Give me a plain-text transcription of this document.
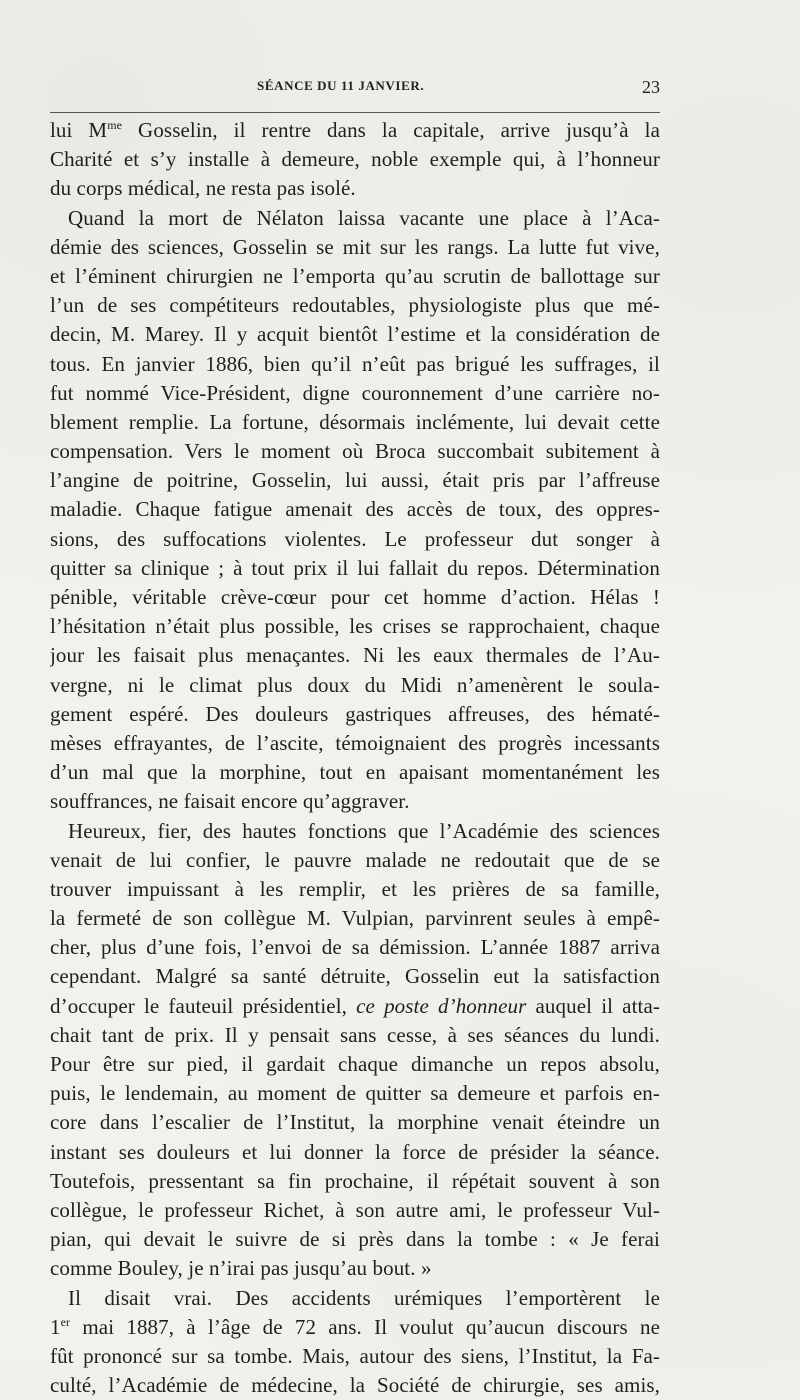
SÉANCE DU 11 JANVIER.	23
lui $M^{me}$ Gosselin, il rentre dans la capitale, arrive jusqu’à la
Charité et s’y installe à demeure, noble exemple qui, à l’honneur
du corps médical, ne resta pas isolé.
Quand la mort de Nélaton laissa vacante une place à l’Aca-
démie des sciences, Gosselin se mit sur les rangs. La lutte fut vive,
et l’éminent chirurgien ne l’emporta qu’au scrutin de ballottage sur
l’un de ses compétiteurs redoutables, physiologiste plus que mé-
decin, M. Marey. Il y acquit bientôt l’estime et la considération de
tous. En janvier 1886, bien qu’il n’eût pas brigué les suffrages, il
fut nommé Vice-Président, digne couronnement d’une carrière no-
blement remplie. La fortune, désormais inclémente, lui devait cette
compensation. Vers le moment où Broca succombait subitement à
l’angine de poitrine, Gosselin, lui aussi, était pris par l’affreuse
maladie. Chaque fatigue amenait des accès de toux, des oppres-
sions, des suffocations violentes. Le professeur dut songer à
quitter sa clinique ; à tout prix il lui fallait du repos. Détermination
pénible, véritable crève-cœur pour cet homme d’action. Hélas !
l’hésitation n’était plus possible, les crises se rapprochaient, chaque
jour les faisait plus menaçantes. Ni les eaux thermales de l’Au-
vergne, ni le climat plus doux du Midi n’amenèrent le soula-
gement espéré. Des douleurs gastriques affreuses, des hématé-
mèses effrayantes, de l’ascite, témoignaient des progrès incessants
d’un mal que la morphine, tout en apaisant momentanément les
souffrances, ne faisait encore qu’aggraver.
Heureux, fier, des hautes fonctions que l’Académie des sciences
venait de lui confier, le pauvre malade ne redoutait que de se
trouver impuissant à les remplir, et les prières de sa famille,
la fermeté de son collègue M. Vulpian, parvinrent seules à empê-
cher, plus d’une fois, l’envoi de sa démission. L’année 1887 arriva
cependant. Malgré sa santé détruite, Gosselin eut la satisfaction
d’occuper le fauteuil présidentiel, ce poste d’honneur auquel il atta-
chait tant de prix. Il y pensait sans cesse, à ses séances du lundi.
Pour être sur pied, il gardait chaque dimanche un repos absolu,
puis, le lendemain, au moment de quitter sa demeure et parfois en-
core dans l’escalier de l’Institut, la morphine venait éteindre un
instant ses douleurs et lui donner la force de présider la séance.
Toutefois, pressentant sa fin prochaine, il répétait souvent à son
collègue, le professeur Richet, à son autre ami, le professeur Vul-
pian, qui devait le suivre de si près dans la tombe : « Je ferai
comme Bouley, je n’irai pas jusqu’au bout. »
Il disait vrai. Des accidents urémiques l’emportèrent le
1er mai 1887, à l’âge de 72 ans. Il voulut qu’aucun discours ne
fût prononcé sur sa tombe. Mais, autour des siens, l’Institut, la Fa-
culté, l’Académie de médecine, la Société de chirurgie, ses amis,
